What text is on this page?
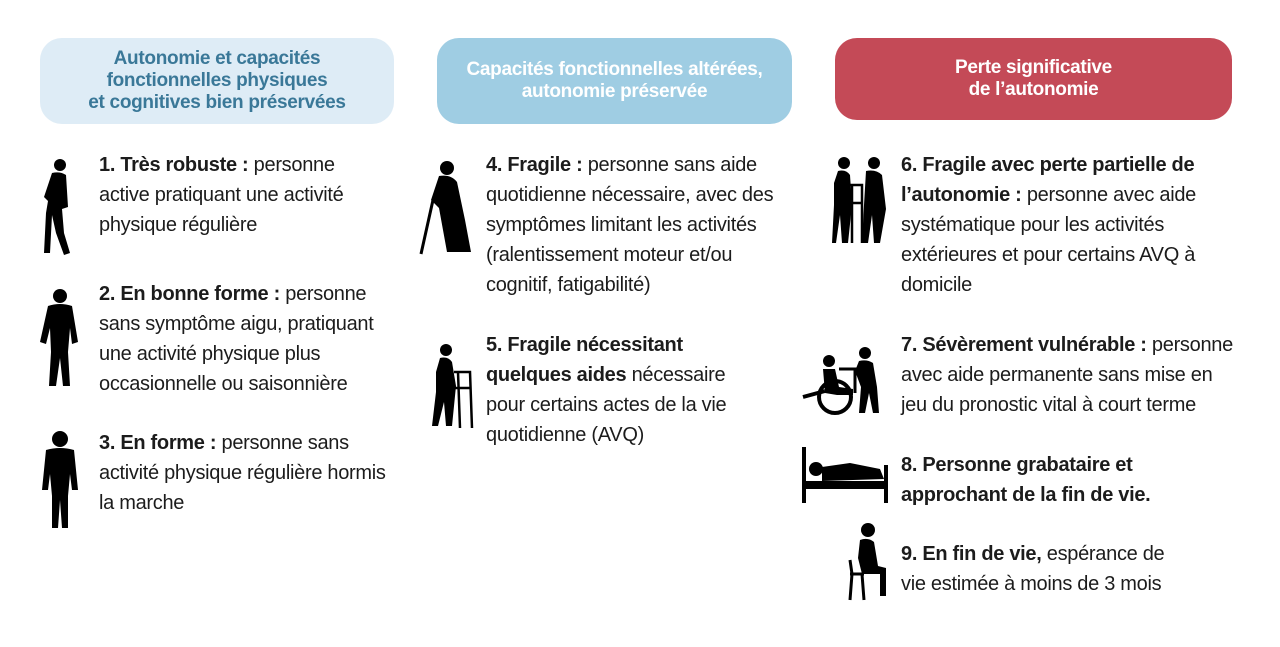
Autonomie et capacités
fonctionnelles physiques
et cognitives bien préservées
Capacités fonctionnelles altérées,
autonomie préservée
Perte significative
de l’autonomie
1. Très robuste : personne active pratiquant une activité physique régulière
2. En bonne forme : personne sans symptôme aigu, pratiquant une activité physique plus occasionnelle ou saisonnière
3. En forme : personne sans activité physique régulière hormis la marche
4. Fragile : personne sans aide quotidienne nécessaire, avec des symptômes limitant les activités (ralentissement moteur et/ou cognitif, fatigabilité)
5. Fragile nécessitant quelques aides nécessaire pour certains actes de la vie quotidienne (AVQ)
6. Fragile avec perte partielle de l’autonomie : personne avec aide systématique pour les activités extérieures et pour certains AVQ à domicile
7. Sévèrement vulnérable : personne avec aide permanente sans mise en jeu du pronostic vital à court terme
8. Personne grabataire et approchant de la fin de vie.
9. En fin de vie, espérance de vie estimée à moins de 3 mois
